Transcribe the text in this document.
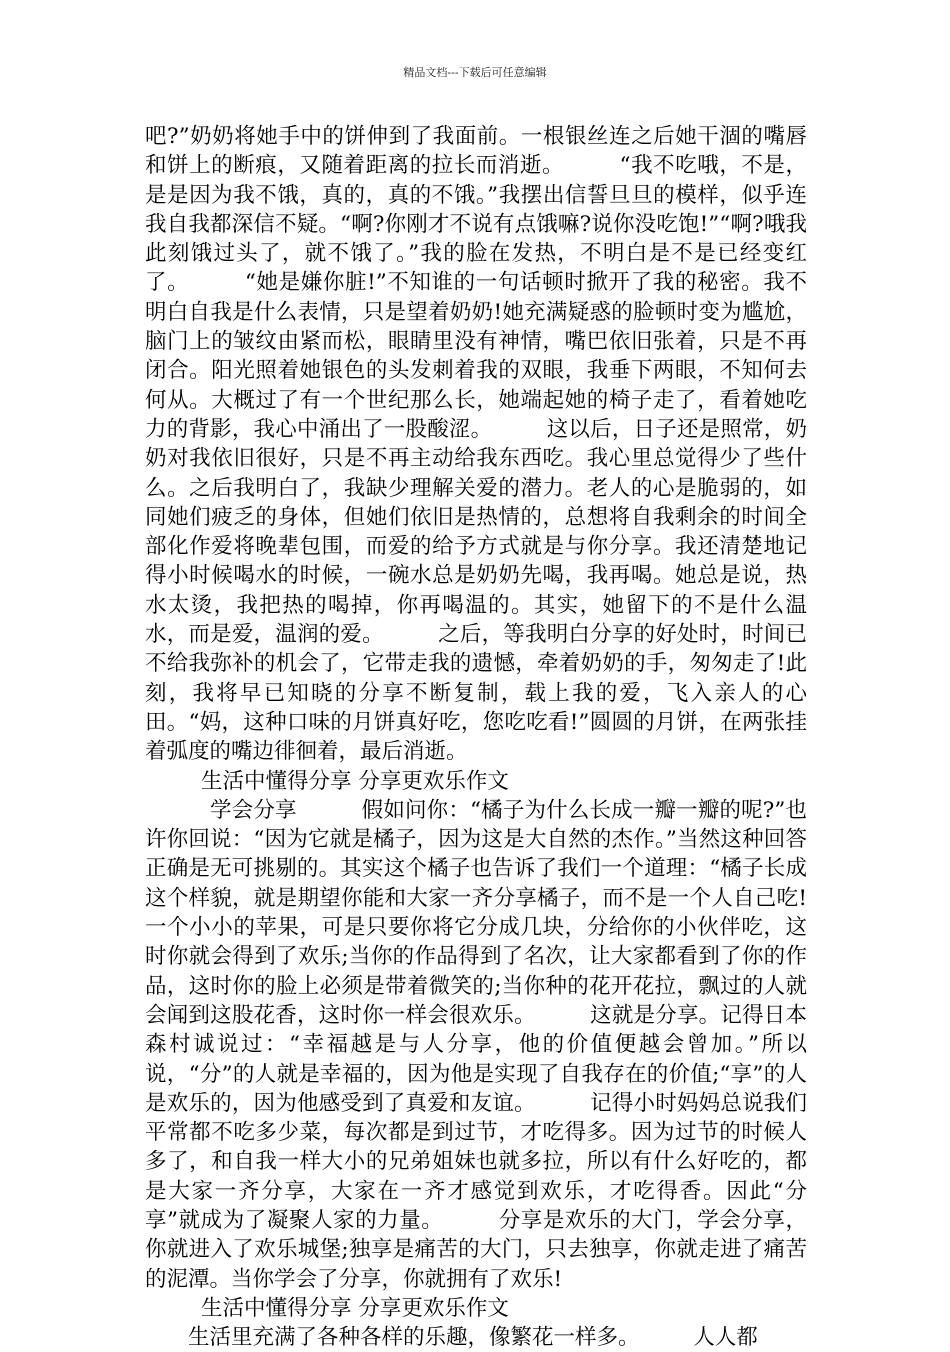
精品文档---下载后可任意编辑

吧?”奶奶将她手中的饼伸到了我面前。一根银丝连之后她干涸的嘴唇和饼上的断痕，又随着距离的拉长而消逝。　　　“我不吃哦，不是，是是因为我不饿，真的，真的不饿。”我摆出信誓旦旦的模样，似乎连我自我都深信不疑。“啊?你刚才不说有点饿嘛?说你没吃饱!”“啊?哦我此刻饿过头了，就不饿了。”我的脸在发热，不明白是不是已经变红了。　　　“她是嫌你脏!”不知谁的一句话顿时掀开了我的秘密。我不明白自我是什么表情，只是望着奶奶!她充满疑惑的脸顿时变为尴尬，脑门上的皱纹由紧而松，眼睛里没有神情，嘴巴依旧张着，只是不再闭合。阳光照着她银色的头发刺着我的双眼，我垂下两眼，不知何去何从。大概过了有一个世纪那么长，她端起她的椅子走了，看着她吃力的背影，我心中涌出了一股酸涩。　　　这以后，日子还是照常，奶奶对我依旧很好，只是不再主动给我东西吃。我心里总觉得少了些什么。之后我明白了，我缺少理解关爱的潜力。老人的心是脆弱的，如同她们疲乏的身体，但她们依旧是热情的，总想将自我剩余的时间全部化作爱将晚辈包围，而爱的给予方式就是与你分享。我还清楚地记得小时候喝水的时候，一碗水总是奶奶先喝，我再喝。她总是说，热水太烫，我把热的喝掉，你再喝温的。其实，她留下的不是什么温水，而是爱，温润的爱。　　　之后，等我明白分享的好处时，时间已不给我弥补的机会了，它带走我的遗憾，牵着奶奶的手，匆匆走了!此刻，我将早已知晓的分享不断复制，载上我的爱，飞入亲人的心田。“妈，这种口味的月饼真好吃，您吃吃看!”圆圆的月饼，在两张挂着弧度的嘴边徘徊着，最后消逝。

生活中懂得分享 分享更欢乐作文

　　　学会分享　　　假如问你：“橘子为什么长成一瓣一瓣的呢?”也许你回说：“因为它就是橘子，因为这是大自然的杰作。”当然这种回答正确是无可挑剔的。其实这个橘子也告诉了我们一个道理：“橘子长成这个样貌，就是期望你能和大家一齐分享橘子，而不是一个人自己吃!　　　一个小小的苹果，可是只要你将它分成几块，分给你的小伙伴吃，这时你就会得到了欢乐;当你的作品得到了名次，让大家都看到了你的作品，这时你的脸上必须是带着微笑的;当你种的花开花拉，飘过的人就会闻到这股花香，这时你一样会很欢乐。　　　这就是分享。记得日本森村诚说过：“幸福越是与人分享，他的价值便越会曾加。”所以说，“分”的人就是幸福的，因为他是实现了自我存在的价值;“享”的人是欢乐的，因为他感受到了真爱和友谊。　　　记得小时妈妈总说我们平常都不吃多少菜，每次都是到过节，才吃得多。因为过节的时候人多了，和自我一样大小的兄弟姐妹也就多拉，所以有什么好吃的，都是大家一齐分享，大家在一齐才感觉到欢乐，才吃得香。因此“分享”就成为了凝聚人家的力量。　　　分享是欢乐的大门，学会分享，你就进入了欢乐城堡;独享是痛苦的大门，只去独享，你就走进了痛苦的泥潭。当你学会了分享，你就拥有了欢乐!

生活中懂得分享 分享更欢乐作文

　　生活里充满了各种各样的乐趣，像繁花一样多。　　　人人都
